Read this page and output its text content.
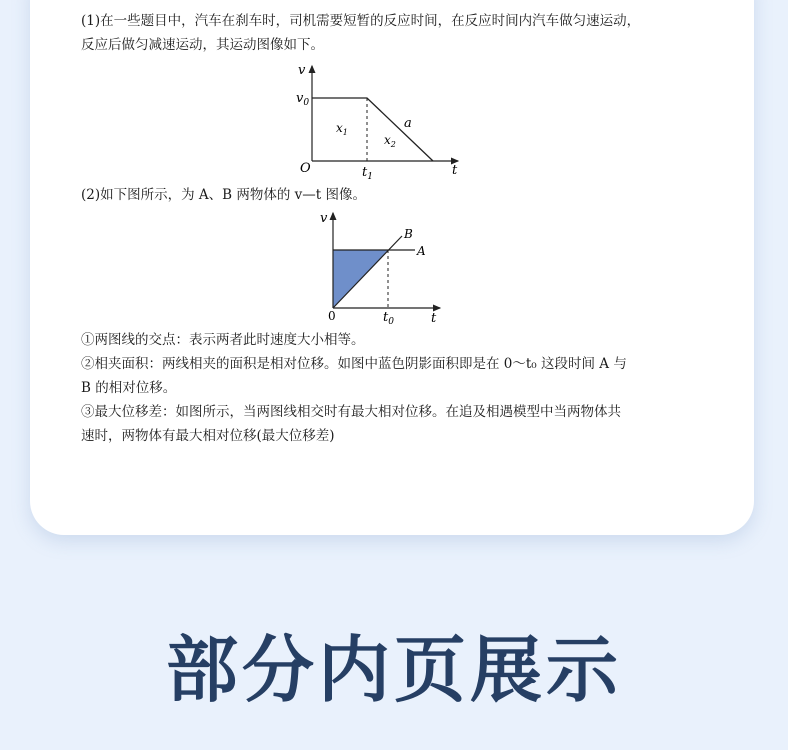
(1)在一些题目中，汽车在刹车时，司机需要短暂的反应时间，在反应时间内汽车做匀速运动，
反应后做匀减速运动，其运动图像如下。
v
t
O
$v_0$
$t_1$
$x_1$
$x_2$
a
(2)如下图所示，为 A、B 两物体的 v—t 图像。
v
t
0	$t_0$
A
B
①两图线的交点：表示两者此时速度大小相等。
②相夹面积：两线相夹的面积是相对位移。如图中蓝色阴影面积即是在 0～t₀ 这段时间 A 与
B 的相对位移。
③最大位移差：如图所示，当两图线相交时有最大相对位移。在追及相遇模型中当两物体共
速时，两物体有最大相对位移(最大位移差)
部分内页展示
